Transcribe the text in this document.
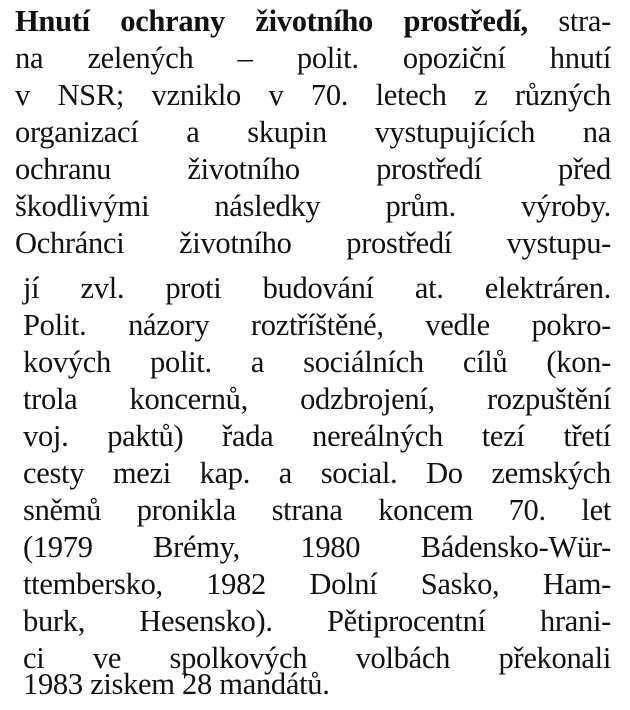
Hnutí ochrany životního prostředí, stra-
na zelených – polit. opoziční hnutí
v NSR; vzniklo v 70. letech z různých
organizací a skupin vystupujících na
ochranu životního prostředí před
škodlivými následky prům. výroby.
Ochránci životního prostředí vystupu-
jí zvl. proti budování at. elektráren.
Polit. názory roztříštěné, vedle pokro-
kových polit. a sociálních cílů (kon-
trola koncernů, odzbrojení, rozpuštění
voj. paktů) řada nereálných tezí třetí
cesty mezi kap. a social. Do zemských
sněmů pronikla strana koncem 70. let
(1979 Brémy, 1980 Bádensko-Wür-
ttembersko, 1982 Dolní Sasko, Ham-
burk, Hesensko). Pětiprocentní hrani-
ci ve spolkových volbách překonali
1983 ziskem 28 mandátů.
